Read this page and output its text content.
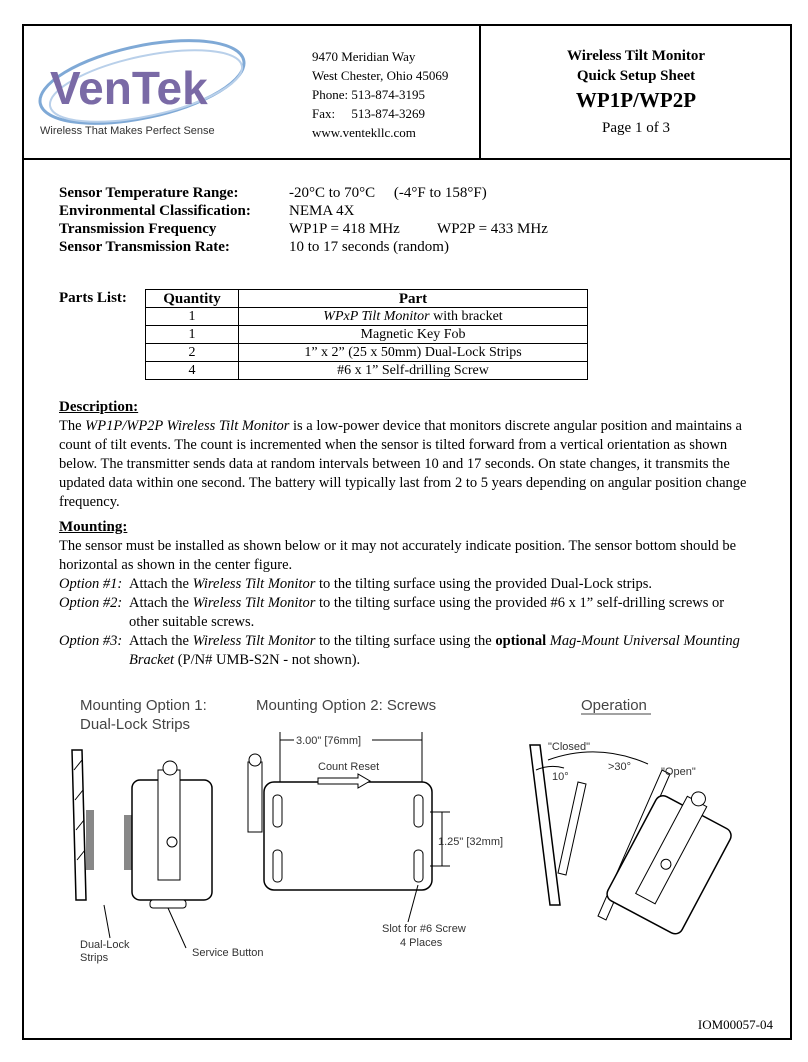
VenTek
Wireless That Makes Perfect Sense
9470 Meridian Way
West Chester, Ohio 45069
Phone: 513-874-3195
Fax:     513-874-3269
www.ventekllc.com
Wireless Tilt Monitor
Quick Setup Sheet
WP1P/WP2P
Page 1 of 3
Sensor Temperature Range:	-20°C to 70°C     (-4°F to 158°F)
Environmental Classification:	NEMA 4X
Transmission Frequency	WP1P = 418 MHz          WP2P = 433 MHz
Sensor Transmission Rate:	10 to 17 seconds (random)
Parts List: Quantity	Part
1	WPxP Tilt Monitor with bracket
1	Magnetic Key Fob
2	1” x 2” (25 x 50mm) Dual-Lock Strips
4	#6 x 1” Self-drilling Screw
Description:
The WP1P/WP2P Wireless Tilt Monitor is a low-power device that monitors discrete angular position and maintains a count of tilt events. The count is incremented when the sensor is tilted forward from a vertical orientation as shown below. The transmitter sends data at random intervals between 10 and 17 seconds. On state changes, it transmits the updated data within one second. The battery will typically last from 2 to 5 years depending on angular position change frequency.
Mounting:
The sensor must be installed as shown below or it may not accurately indicate position. The sensor bottom should be horizontal as shown in the center figure.
Option #1: Attach the Wireless Tilt Monitor to the tilting surface using the provided Dual-Lock strips.
Option #2: Attach the Wireless Tilt Monitor to the tilting surface using the provided #6 x 1” self-drilling screws or other suitable screws.
Option #3: Attach the Wireless Tilt Monitor to the tilting surface using the optional Mag-Mount Universal Mounting Bracket (P/N# UMB-S2N - not shown).
Mounting Option 1:
Dual-Lock Strips
Mounting Option 2: Screws	Operation
Dual-Lock
Strips	Service Button
3.00" [76mm]
Count Reset
1.25" [32mm]
Slot for #6 Screw
4 Places
"Closed"
10°
>30°	"Open"
IOM00057-04
